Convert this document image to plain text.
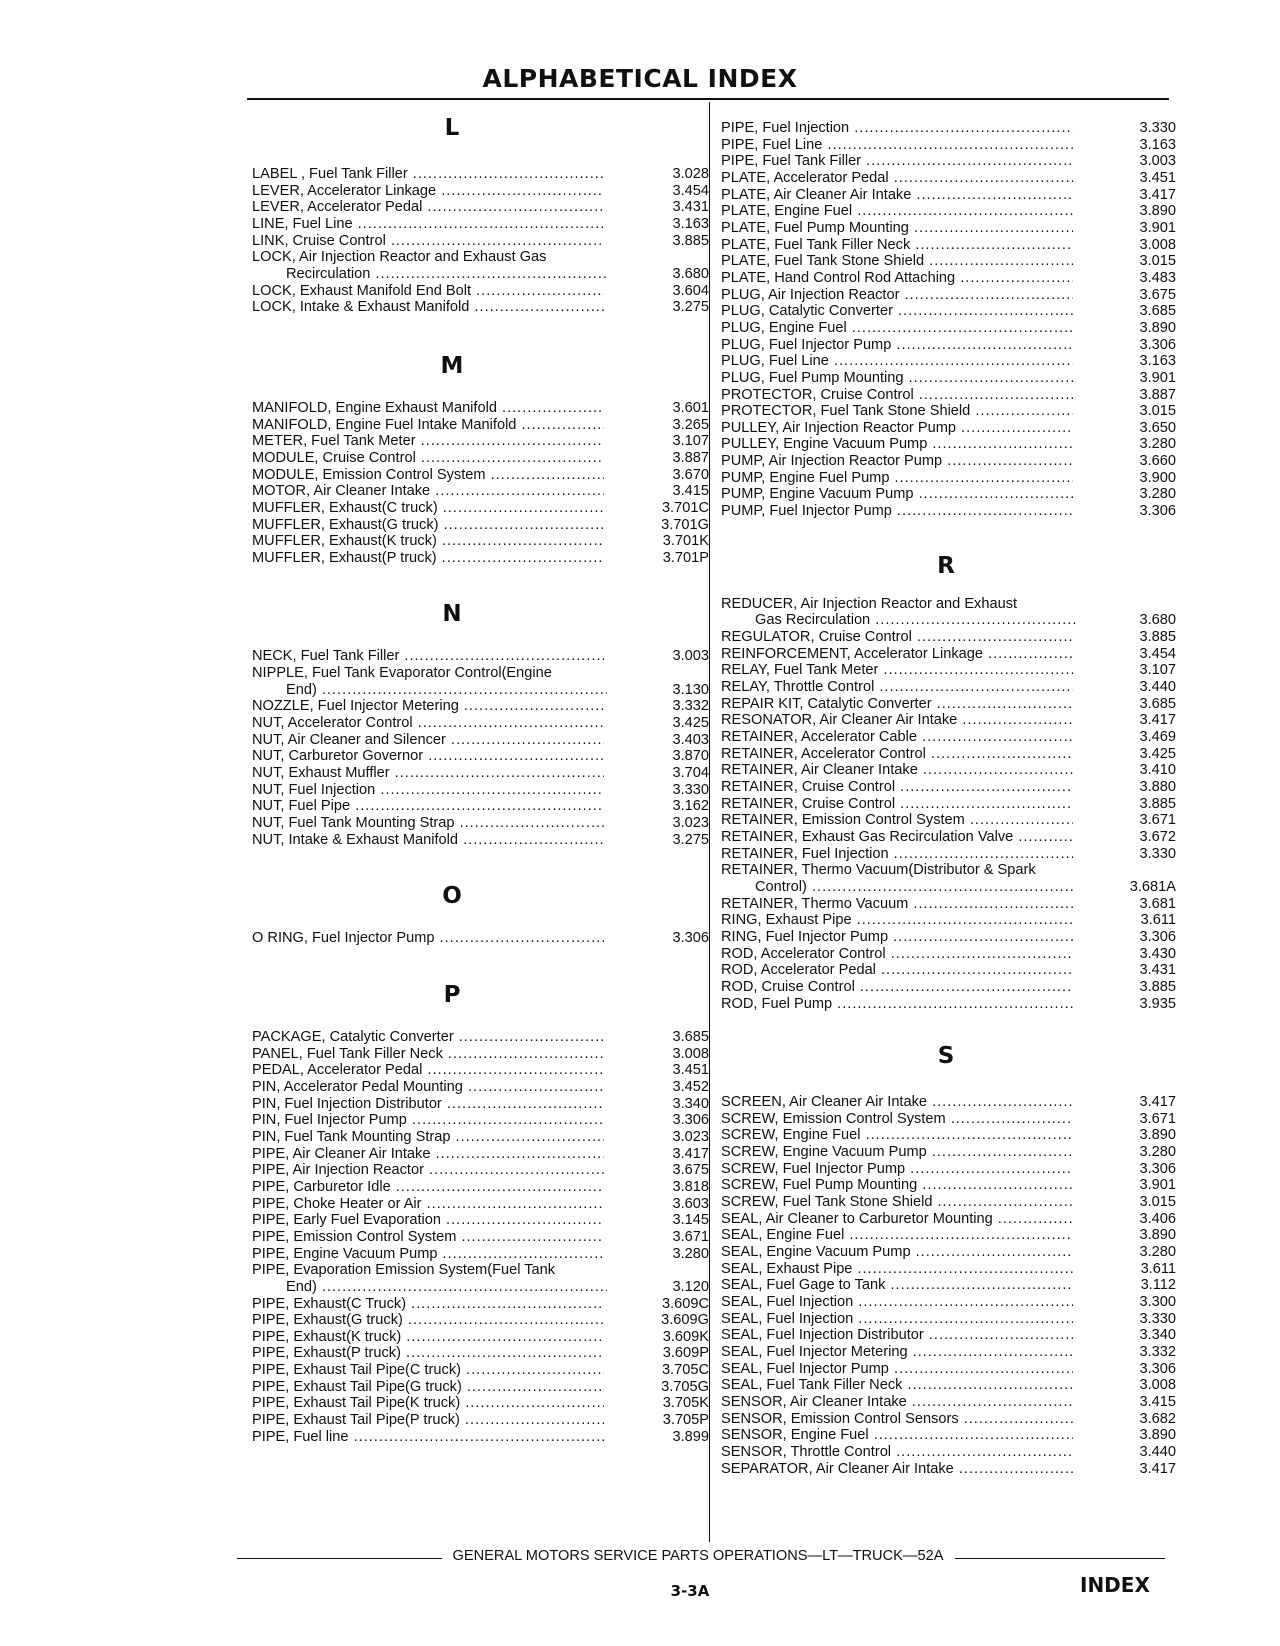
ALPHABETICAL INDEX
L
LABEL , Fuel Tank Filler .....	3.028
LEVER, Accelerator Linkage .....	3.454
LEVER, Accelerator Pedal .....	3.431
LINE, Fuel Line .....	3.163
LINK, Cruise Control .....	3.885
LOCK, Air Injection Reactor and Exhaust Gas
Recirculation .....	3.680
LOCK, Exhaust Manifold End Bolt .....	3.604
LOCK, Intake & Exhaust Manifold .....	3.275
M
MANIFOLD, Engine Exhaust Manifold .....	3.601
MANIFOLD, Engine Fuel Intake Manifold .....	3.265
METER, Fuel Tank Meter .....	3.107
MODULE, Cruise Control .....	3.887
MODULE, Emission Control System .....	3.670
MOTOR, Air Cleaner Intake .....	3.415
MUFFLER, Exhaust(C truck) .....	3.701C
MUFFLER, Exhaust(G truck) .....	3.701G
MUFFLER, Exhaust(K truck) .....	3.701K
MUFFLER, Exhaust(P truck) .....	3.701P
N
NECK, Fuel Tank Filler .....	3.003
NIPPLE, Fuel Tank Evaporator Control(Engine
End) .....	3.130
NOZZLE, Fuel Injector Metering .....	3.332
NUT, Accelerator Control .....	3.425
NUT, Air Cleaner and Silencer .....	3.403
NUT, Carburetor Governor .....	3.870
NUT, Exhaust Muffler .....	3.704
NUT, Fuel Injection .....	3.330
NUT, Fuel Pipe .....	3.162
NUT, Fuel Tank Mounting Strap .....	3.023
NUT, Intake & Exhaust Manifold .....	3.275
O
O RING, Fuel Injector Pump .....	3.306
P
PACKAGE, Catalytic Converter .....	3.685
PANEL, Fuel Tank Filler Neck .....	3.008
PEDAL, Accelerator Pedal .....	3.451
PIN, Accelerator Pedal Mounting .....	3.452
PIN, Fuel Injection Distributor .....	3.340
PIN, Fuel Injector Pump .....	3.306
PIN, Fuel Tank Mounting Strap .....	3.023
PIPE, Air Cleaner Air Intake .....	3.417
PIPE, Air Injection Reactor .....	3.675
PIPE, Carburetor Idle .....	3.818
PIPE, Choke Heater or Air .....	3.603
PIPE, Early Fuel Evaporation .....	3.145
PIPE, Emission Control System .....	3.671
PIPE, Engine Vacuum Pump .....	3.280
PIPE, Evaporation Emission System(Fuel Tank
End) .....	3.120
PIPE, Exhaust(C Truck) .....	3.609C
PIPE, Exhaust(G truck) .....	3.609G
PIPE, Exhaust(K truck) .....	3.609K
PIPE, Exhaust(P truck) .....	3.609P
PIPE, Exhaust Tail Pipe(C truck) .....	3.705C
PIPE, Exhaust Tail Pipe(G truck) .....	3.705G
PIPE, Exhaust Tail Pipe(K truck) .....	3.705K
PIPE, Exhaust Tail Pipe(P truck) .....	3.705P
PIPE, Fuel line .....	3.899
PIPE, Fuel Injection .....	3.330
PIPE, Fuel Line .....	3.163
PIPE, Fuel Tank Filler .....	3.003
PLATE, Accelerator Pedal .....	3.451
PLATE, Air Cleaner Air Intake .....	3.417
PLATE, Engine Fuel .....	3.890
PLATE, Fuel Pump Mounting .....	3.901
PLATE, Fuel Tank Filler Neck .....	3.008
PLATE, Fuel Tank Stone Shield .....	3.015
PLATE, Hand Control Rod Attaching .....	3.483
PLUG, Air Injection Reactor .....	3.675
PLUG, Catalytic Converter .....	3.685
PLUG, Engine Fuel .....	3.890
PLUG, Fuel Injector Pump .....	3.306
PLUG, Fuel Line .....	3.163
PLUG, Fuel Pump Mounting .....	3.901
PROTECTOR, Cruise Control .....	3.887
PROTECTOR, Fuel Tank Stone Shield .....	3.015
PULLEY, Air Injection Reactor Pump .....	3.650
PULLEY, Engine Vacuum Pump .....	3.280
PUMP, Air Injection Reactor Pump .....	3.660
PUMP, Engine Fuel Pump .....	3.900
PUMP, Engine Vacuum Pump .....	3.280
PUMP, Fuel Injector Pump .....	3.306
R
REDUCER, Air Injection Reactor and Exhaust
Gas Recirculation .....	3.680
REGULATOR, Cruise Control .....	3.885
REINFORCEMENT, Accelerator Linkage .....	3.454
RELAY, Fuel Tank Meter .....	3.107
RELAY, Throttle Control .....	3.440
REPAIR KIT, Catalytic Converter .....	3.685
RESONATOR, Air Cleaner Air Intake .....	3.417
RETAINER, Accelerator Cable .....	3.469
RETAINER, Accelerator Control .....	3.425
RETAINER, Air Cleaner Intake .....	3.410
RETAINER, Cruise Control .....	3.880
RETAINER, Cruise Control .....	3.885
RETAINER, Emission Control System .....	3.671
RETAINER, Exhaust Gas Recirculation Valve .....	3.672
RETAINER, Fuel Injection .....	3.330
RETAINER, Thermo Vacuum(Distributor & Spark
Control) .....	3.681A
RETAINER, Thermo Vacuum .....	3.681
RING, Exhaust Pipe .....	3.611
RING, Fuel Injector Pump .....	3.306
ROD, Accelerator Control .....	3.430
ROD, Accelerator Pedal .....	3.431
ROD, Cruise Control .....	3.885
ROD, Fuel Pump .....	3.935
S
SCREEN, Air Cleaner Air Intake .....	3.417
SCREW, Emission Control System .....	3.671
SCREW, Engine Fuel .....	3.890
SCREW, Engine Vacuum Pump .....	3.280
SCREW, Fuel Injector Pump .....	3.306
SCREW, Fuel Pump Mounting .....	3.901
SCREW, Fuel Tank Stone Shield .....	3.015
SEAL, Air Cleaner to Carburetor Mounting .....	3.406
SEAL, Engine Fuel .....	3.890
SEAL, Engine Vacuum Pump .....	3.280
SEAL, Exhaust Pipe .....	3.611
SEAL, Fuel Gage to Tank .....	3.112
SEAL, Fuel Injection .....	3.300
SEAL, Fuel Injection .....	3.330
SEAL, Fuel Injection Distributor .....	3.340
SEAL, Fuel Injector Metering .....	3.332
SEAL, Fuel Injector Pump .....	3.306
SEAL, Fuel Tank Filler Neck .....	3.008
SENSOR, Air Cleaner Intake .....	3.415
SENSOR, Emission Control Sensors .....	3.682
SENSOR, Engine Fuel .....	3.890
SENSOR, Throttle Control .....	3.440
SEPARATOR, Air Cleaner Air Intake .....	3.417
GENERAL MOTORS SERVICE PARTS OPERATIONS—LT—TRUCK—52A
3-3A	INDEX
